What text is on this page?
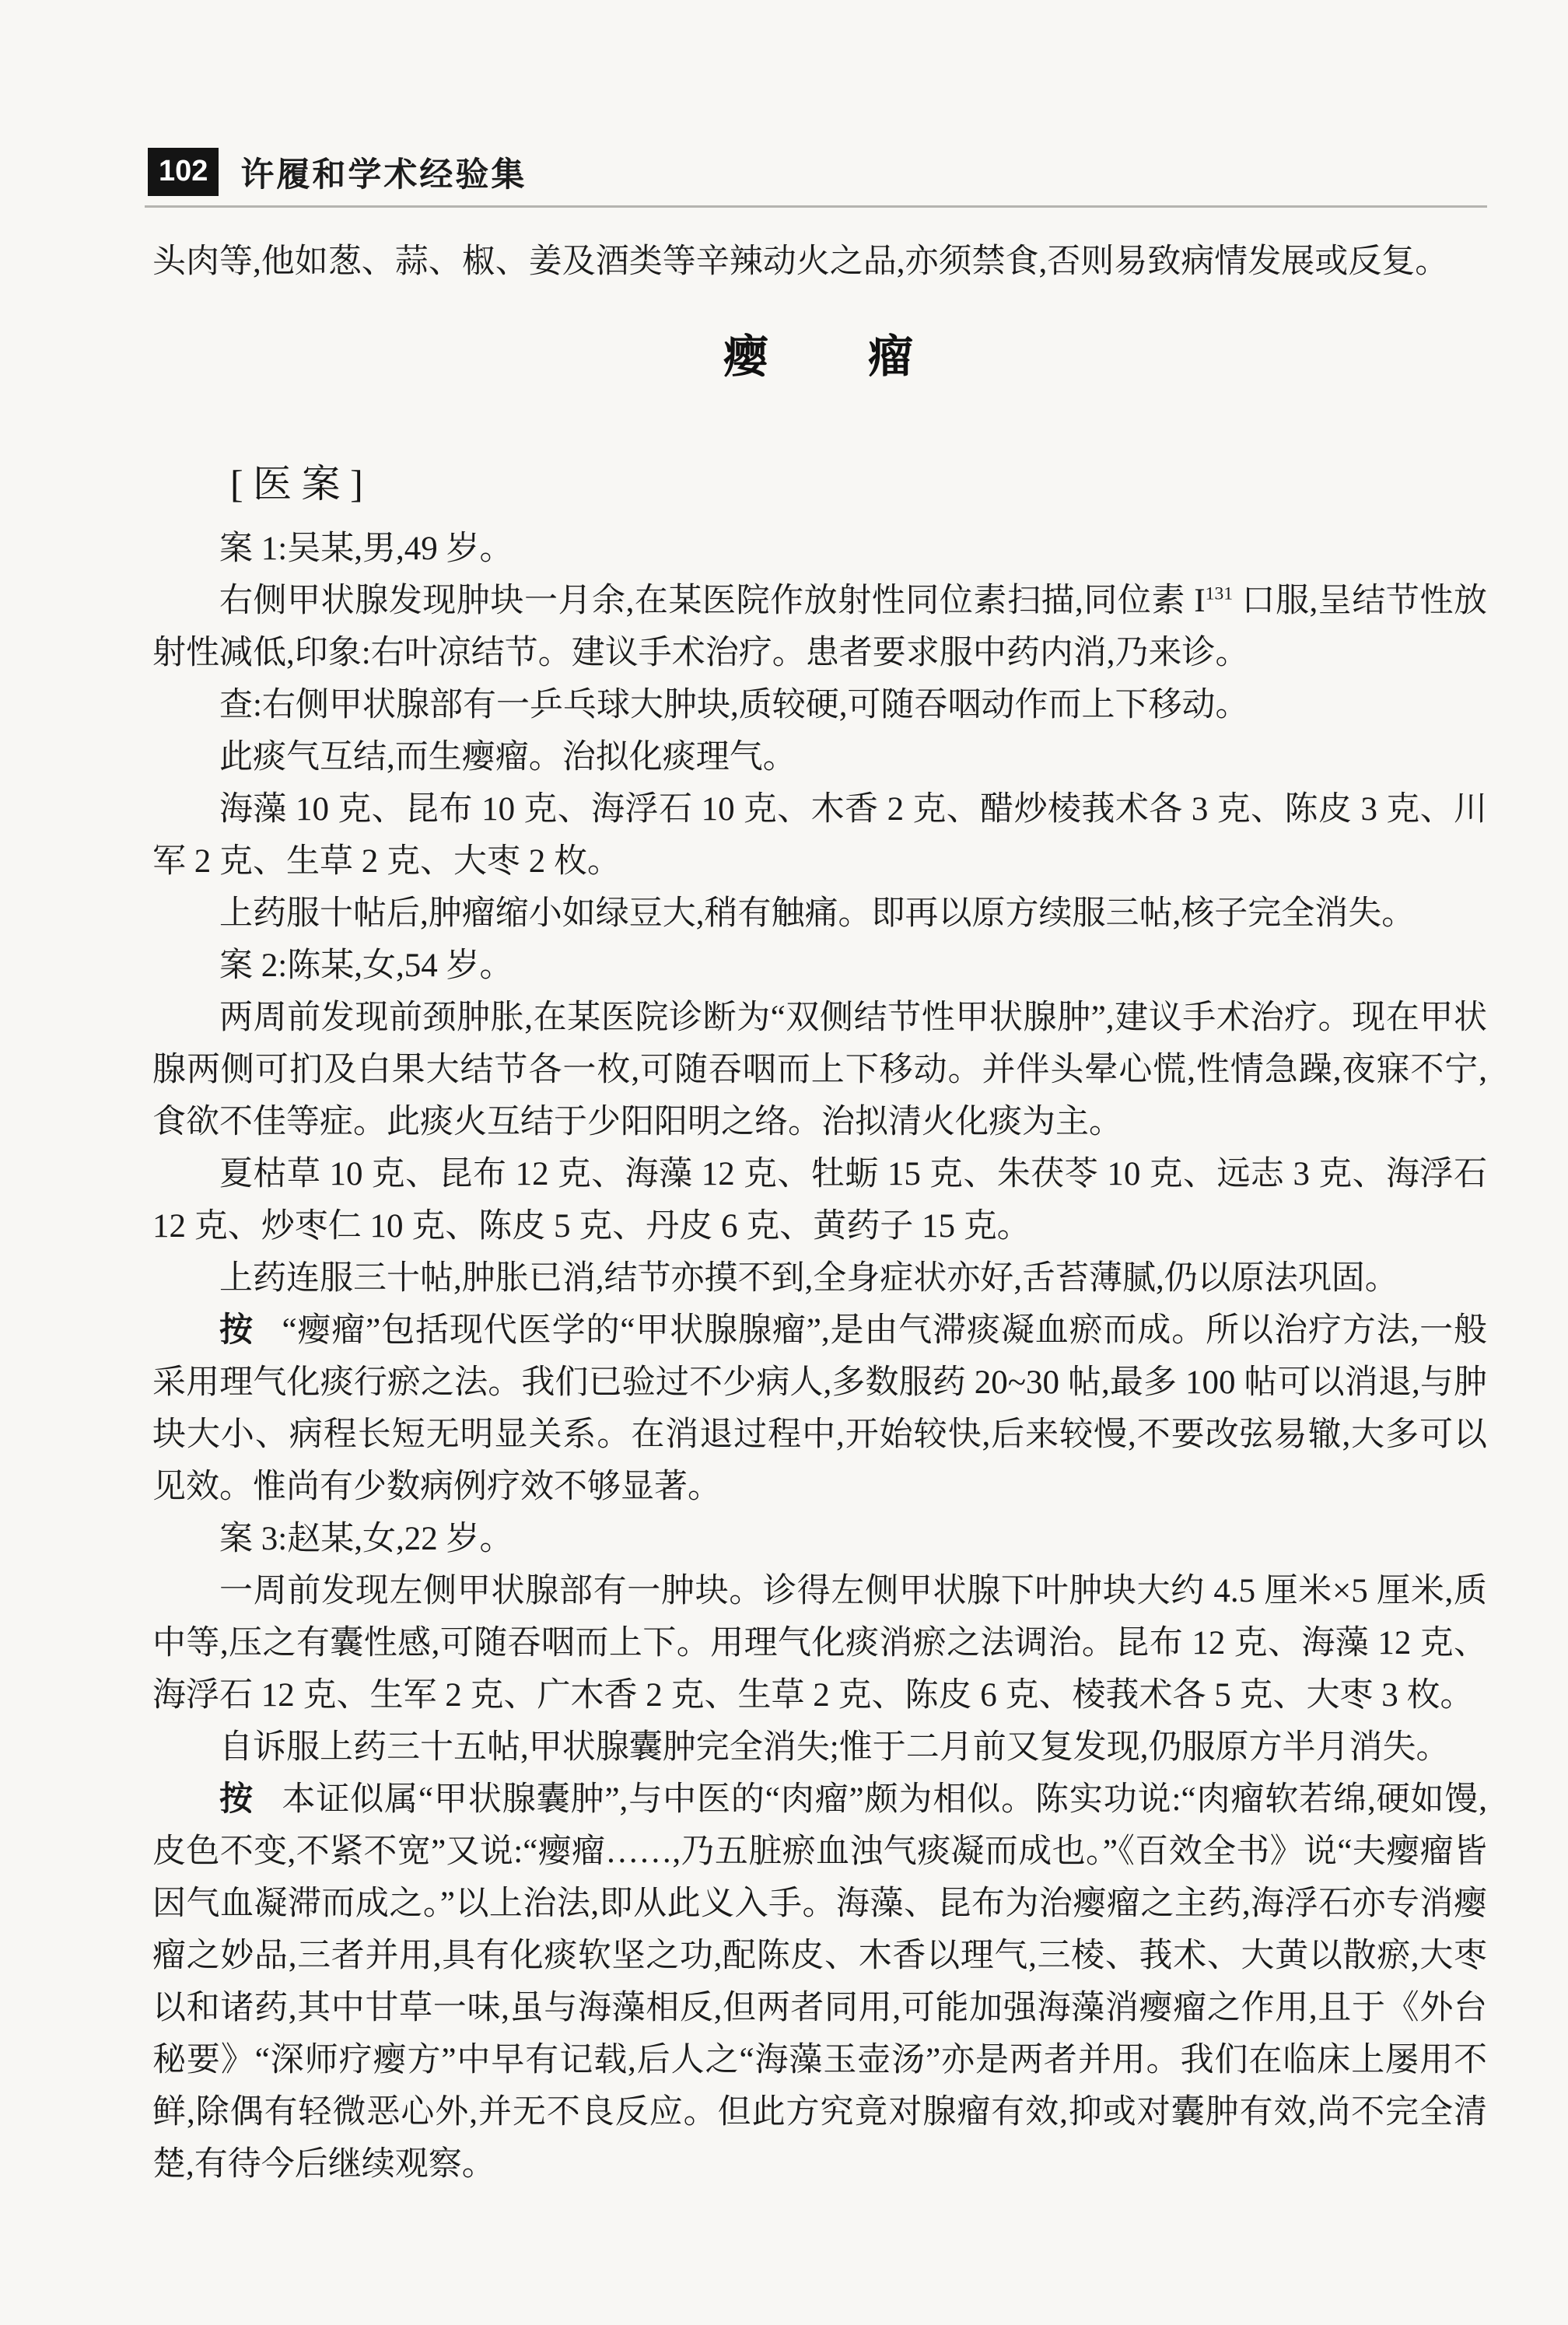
102 许履和学术经验集

头肉等,他如葱、蒜、椒、姜及酒类等辛辣动火之品,亦须禁食,否则易致病情发展或反复。

瘿　　瘤
[ 医 案 ]

案 1:吴某,男,49 岁。

右侧甲状腺发现肿块一月余,在某医院作放射性同位素扫描,同位素 $I^{131}$ 口服,呈结节性放射性减低,印象:右叶凉结节。建议手术治疗。患者要求服中药内消,乃来诊。

查:右侧甲状腺部有一乒乓球大肿块,质较硬,可随吞咽动作而上下移动。

此痰气互结,而生瘿瘤。治拟化痰理气。

海藻 10 克、昆布 10 克、海浮石 10 克、木香 2 克、醋炒棱莪术各 3 克、陈皮 3 克、川军 2 克、生草 2 克、大枣 2 枚。

上药服十帖后,肿瘤缩小如绿豆大,稍有触痛。即再以原方续服三帖,核子完全消失。

案 2:陈某,女,54 岁。

两周前发现前颈肿胀,在某医院诊断为“双侧结节性甲状腺肿”,建议手术治疗。现在甲状腺两侧可扪及白果大结节各一枚,可随吞咽而上下移动。并伴头晕心慌,性情急躁,夜寐不宁,食欲不佳等症。此痰火互结于少阳阳明之络。治拟清火化痰为主。

夏枯草 10 克、昆布 12 克、海藻 12 克、牡蛎 15 克、朱茯苓 10 克、远志 3 克、海浮石 12 克、炒枣仁 10 克、陈皮 5 克、丹皮 6 克、黄药子 15 克。

上药连服三十帖,肿胀已消,结节亦摸不到,全身症状亦好,舌苔薄腻,仍以原法巩固。

按 “瘿瘤”包括现代医学的“甲状腺腺瘤”,是由气滞痰凝血瘀而成。所以治疗方法,一般采用理气化痰行瘀之法。我们已验过不少病人,多数服药 20~30 帖,最多 100 帖可以消退,与肿块大小、病程长短无明显关系。在消退过程中,开始较快,后来较慢,不要改弦易辙,大多可以见效。惟尚有少数病例疗效不够显著。

案 3:赵某,女,22 岁。

一周前发现左侧甲状腺部有一肿块。诊得左侧甲状腺下叶肿块大约 4.5 厘米×5 厘米,质中等,压之有囊性感,可随吞咽而上下。用理气化痰消瘀之法调治。昆布 12 克、海藻 12 克、海浮石 12 克、生军 2 克、广木香 2 克、生草 2 克、陈皮 6 克、棱莪术各 5 克、大枣 3 枚。

自诉服上药三十五帖,甲状腺囊肿完全消失;惟于二月前又复发现,仍服原方半月消失。

按 本证似属“甲状腺囊肿”,与中医的“肉瘤”颇为相似。陈实功说:“肉瘤软若绵,硬如馒,皮色不变,不紧不宽”又说:“瘿瘤……,乃五脏瘀血浊气痰凝而成也。”《百效全书》说“夫瘿瘤皆因气血凝滞而成之。”以上治法,即从此义入手。海藻、昆布为治瘿瘤之主药,海浮石亦专消瘿瘤之妙品,三者并用,具有化痰软坚之功,配陈皮、木香以理气,三棱、莪术、大黄以散瘀,大枣以和诸药,其中甘草一味,虽与海藻相反,但两者同用,可能加强海藻消瘿瘤之作用,且于《外台秘要》“深师疗瘿方”中早有记载,后人之“海藻玉壶汤”亦是两者并用。我们在临床上屡用不鲜,除偶有轻微恶心外,并无不良反应。但此方究竟对腺瘤有效,抑或对囊肿有效,尚不完全清楚,有待今后继续观察。
